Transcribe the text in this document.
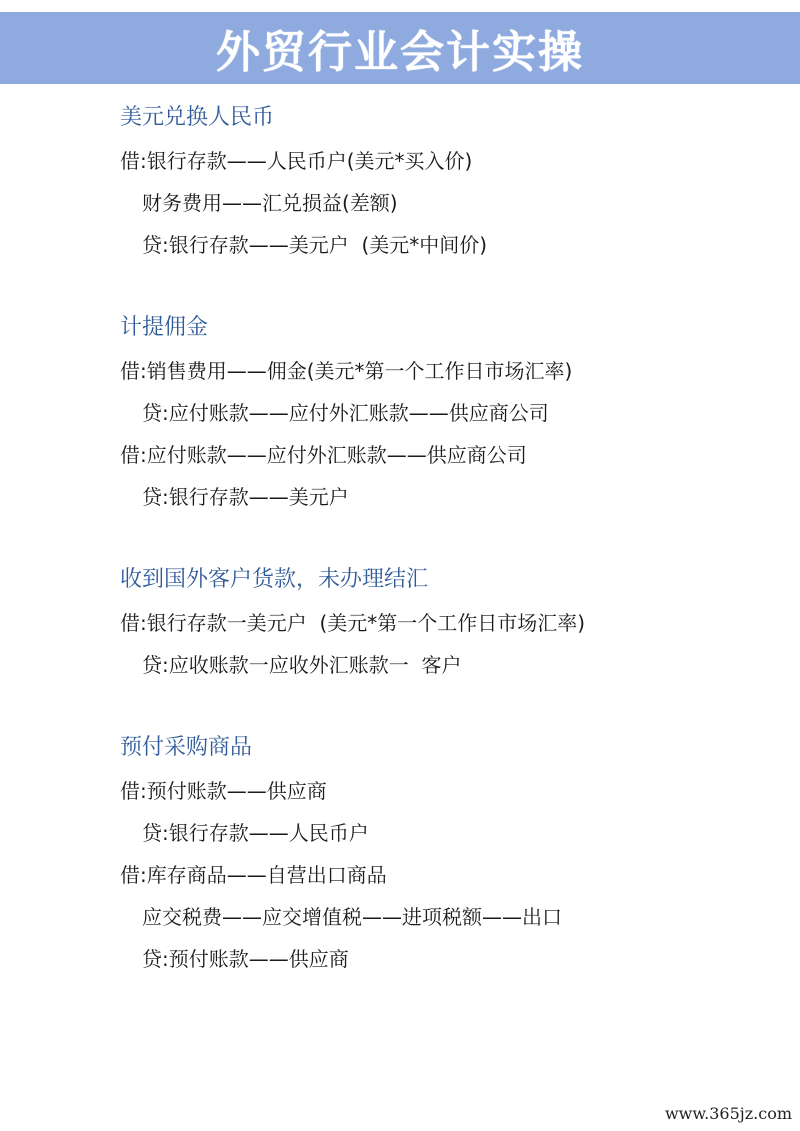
外贸行业会计实操
美元兑换人民币
借:银行存款——人民币户(美元*买入价)
财务费用——汇兑损益(差额)
贷:银行存款——美元户  (美元*中间价)
计提佣金
借:销售费用——佣金(美元*第一个工作日市场汇率)
贷:应付账款——应付外汇账款——供应商公司
借:应付账款——应付外汇账款——供应商公司
贷:银行存款——美元户
收到国外客户货款，未办理结汇
借:银行存款一美元户  (美元*第一个工作日市场汇率)
贷:应收账款一应收外汇账款一  客户
预付采购商品
借:预付账款——供应商
贷:银行存款——人民币户
借:库存商品——自营出口商品
应交税费——应交增值税——进项税额——出口
贷:预付账款——供应商
www.365jz.com
